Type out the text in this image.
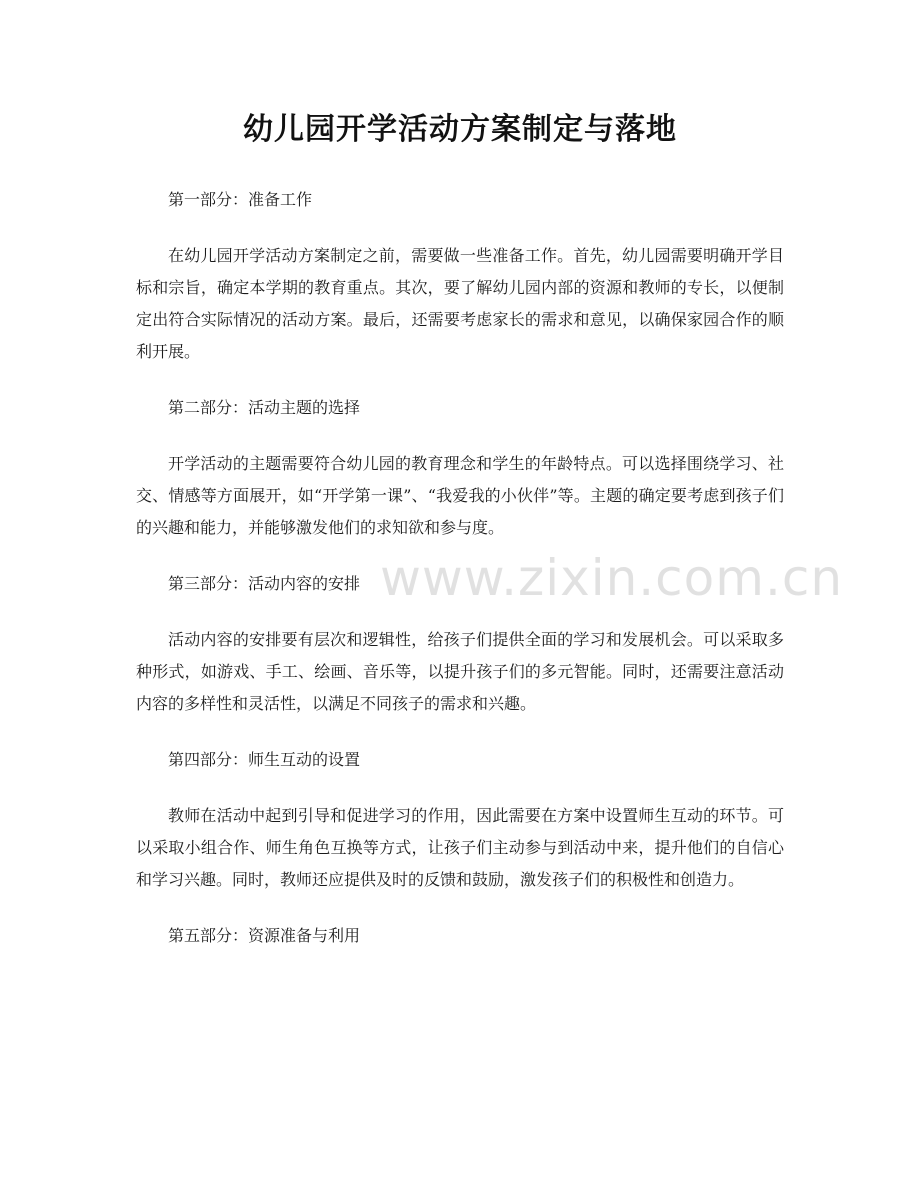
幼儿园开学活动方案制定与落地
第一部分：准备工作

在幼儿园开学活动方案制定之前，需要做一些准备工作。首先，幼儿园需要明确开学目标和宗旨，确定本学期的教育重点。其次，要了解幼儿园内部的资源和教师的专长，以便制定出符合实际情况的活动方案。最后，还需要考虑家长的需求和意见，以确保家园合作的顺利开展。

第二部分：活动主题的选择

开学活动的主题需要符合幼儿园的教育理念和学生的年龄特点。可以选择围绕学习、社交、情感等方面展开，如“开学第一课”、“我爱我的小伙伴”等。主题的确定要考虑到孩子们的兴趣和能力，并能够激发他们的求知欲和参与度。

第三部分：活动内容的安排

活动内容的安排要有层次和逻辑性，给孩子们提供全面的学习和发展机会。可以采取多种形式，如游戏、手工、绘画、音乐等，以提升孩子们的多元智能。同时，还需要注意活动内容的多样性和灵活性，以满足不同孩子的需求和兴趣。

第四部分：师生互动的设置

教师在活动中起到引导和促进学习的作用，因此需要在方案中设置师生互动的环节。可以采取小组合作、师生角色互换等方式，让孩子们主动参与到活动中来，提升他们的自信心和学习兴趣。同时，教师还应提供及时的反馈和鼓励，激发孩子们的积极性和创造力。

第五部分：资源准备与利用
www.zixin.com.cn
